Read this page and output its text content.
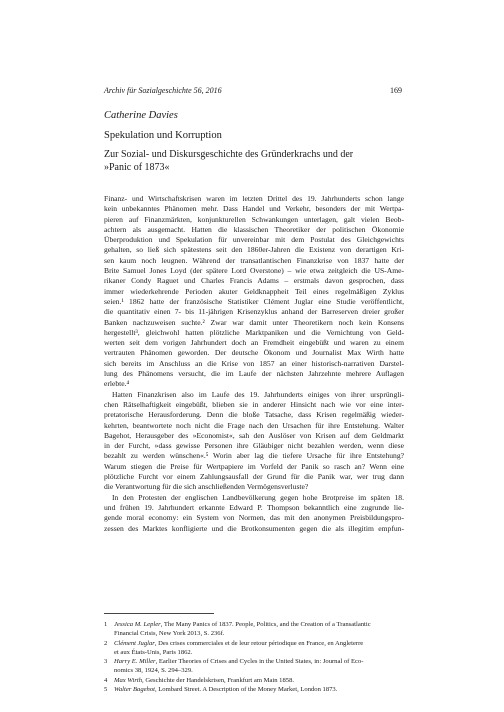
Archiv für Sozialgeschichte 56, 2016	169
Catherine Davies
Spekulation und Korruption
Zur Sozial- und Diskursgeschichte des Gründerkrachs und der
»Panic of 1873«
Finanz- und Wirtschaftskrisen waren im letzten Drittel des 19. Jahrhunderts schon lange
kein unbekanntes Phänomen mehr. Dass Handel und Verkehr, besonders der mit Wertpa-
pieren auf Finanzmärkten, konjunkturellen Schwankungen unterlagen, galt vielen Beob-
achtern als ausgemacht. Hatten die klassischen Theoretiker der politischen Ökonomie
Überproduktion und Spekulation für unvereinbar mit dem Postulat des Gleichgewichts
gehalten, so ließ sich spätestens seit den 1860er-Jahren die Existenz von derartigen Kri-
sen kaum noch leugnen. Während der transatlantischen Finanzkrise von 1837 hatte der
Brite Samuel Jones Loyd (der spätere Lord Overstone) – wie etwa zeitgleich die US-Ame-
rikaner Condy Raguet und Charles Francis Adams – erstmals davon gesprochen, dass
immer wiederkehrende Perioden akuter Geldknappheit Teil eines regelmäßigen Zyklus
seien.¹ 1862 hatte der französische Statistiker Clément Juglar eine Studie veröffentlicht,
die quantitativ einen 7- bis 11-jährigen Krisenzyklus anhand der Barreserven dreier großer
Banken nachzuweisen suchte.² Zwar war damit unter Theoretikern noch kein Konsens
hergestellt³, gleichwohl hatten plötzliche Marktpaniken und die Vernichtung von Geld-
werten seit dem vorigen Jahrhundert doch an Fremdheit eingebüßt und waren zu einem
vertrauten Phänomen geworden. Der deutsche Ökonom und Journalist Max Wirth hatte
sich bereits im Anschluss an die Krise von 1857 an einer historisch-narrativen Darstel-
lung des Phänomens versucht, die im Laufe der nächsten Jahrzehnte mehrere Auflagen
erlebte.⁴
Hatten Finanzkrisen also im Laufe des 19. Jahrhunderts einiges von ihrer ursprüngli-
chen Rätselhaftigkeit eingebüßt, blieben sie in anderer Hinsicht nach wie vor eine inter-
pretatorische Herausforderung. Denn die bloße Tatsache, dass Krisen regelmäßig wieder-
kehrten, beantwortete noch nicht die Frage nach den Ursachen für ihre Entstehung. Walter
Bagehot, Herausgeber des »Economist«, sah den Auslöser von Krisen auf dem Geldmarkt
in der Furcht, »dass gewisse Personen ihre Gläubiger nicht bezahlen werden, wenn diese
bezahlt zu werden wünschen«.⁵ Worin aber lag die tiefere Ursache für ihre Entstehung?
Warum stiegen die Preise für Wertpapiere im Vorfeld der Panik so rasch an? Wenn eine
plötzliche Furcht vor einem Zahlungsausfall der Grund für die Panik war, wer trug dann
die Verantwortung für die sich anschließenden Vermögensverluste?
In den Protesten der englischen Landbevölkerung gegen hohe Brotpreise im späten 18.
und frühen 19. Jahrhundert erkannte Edward P. Thompson bekanntlich eine zugrunde lie-
gende moral economy: ein System von Normen, das mit den anonymen Preisbildungspro-
zessen des Marktes konfligierte und die Brotkonsumenten gegen die als illegitim empfun-
1 Jessica M. Lepler, The Many Panics of 1837. People, Politics, and the Creation of a Transatlantic
Financial Crisis, New York 2013, S. 236f.
2 Clément Juglar, Des crises commerciales et de leur retour périodique en France, en Angleterre
et aux États-Unis, Paris 1862.
3 Harry E. Miller, Earlier Theories of Crises and Cycles in the United States, in: Journal of Eco-
nomics 38, 1924, S. 294–329.
4 Max Wirth, Geschichte der Handelskrisen, Frankfurt am Main 1858.
5 Walter Bagehot, Lombard Street. A Description of the Money Market, London 1873.
